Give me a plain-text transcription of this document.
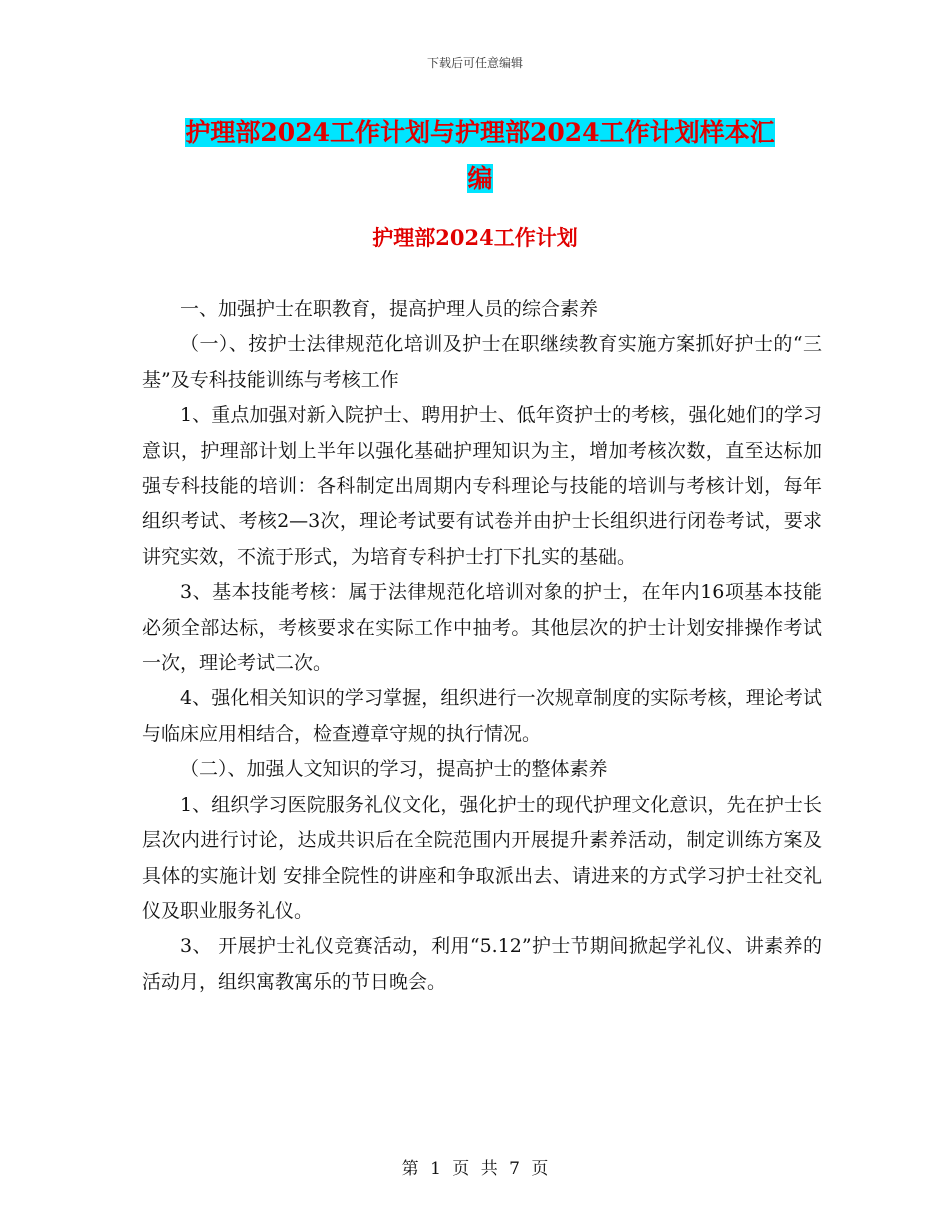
下载后可任意编辑
护理部2024工作计划与护理部2024工作计划样本汇
编
护理部2024工作计划

一、加强护士在职教育，提高护理人员的综合素养

（一）、按护士法律规范化培训及护士在职继续教育实施方案抓好护士的“三基”及专科技能训练与考核工作

1、重点加强对新入院护士、聘用护士、低年资护士的考核，强化她们的学习意识，护理部计划上半年以强化基础护理知识为主，增加考核次数，直至达标加强专科技能的培训：各科制定出周期内专科理论与技能的培训与考核计划，每年组织考试、考核2—3次，理论考试要有试卷并由护士长组织进行闭卷考试，要求讲究实效，不流于形式，为培育专科护士打下扎实的基础。

3、基本技能考核：属于法律规范化培训对象的护士，在年内16项基本技能必须全部达标，考核要求在实际工作中抽考。其他层次的护士计划安排操作考试一次，理论考试二次。

4、强化相关知识的学习掌握，组织进行一次规章制度的实际考核，理论考试与临床应用相结合，检查遵章守规的执行情况。

（二）、加强人文知识的学习，提高护士的整体素养

1、组织学习医院服务礼仪文化，强化护士的现代护理文化意识，先在护士长层次内进行讨论，达成共识后在全院范围内开展提升素养活动，制定训练方案及具体的实施计划 安排全院性的讲座和争取派出去、请进来的方式学习护士社交礼仪及职业服务礼仪。

3、 开展护士礼仪竞赛活动，利用“5.12”护士节期间掀起学礼仪、讲素养的活动月，组织寓教寓乐的节日晚会。

第 1 页 共 7 页
